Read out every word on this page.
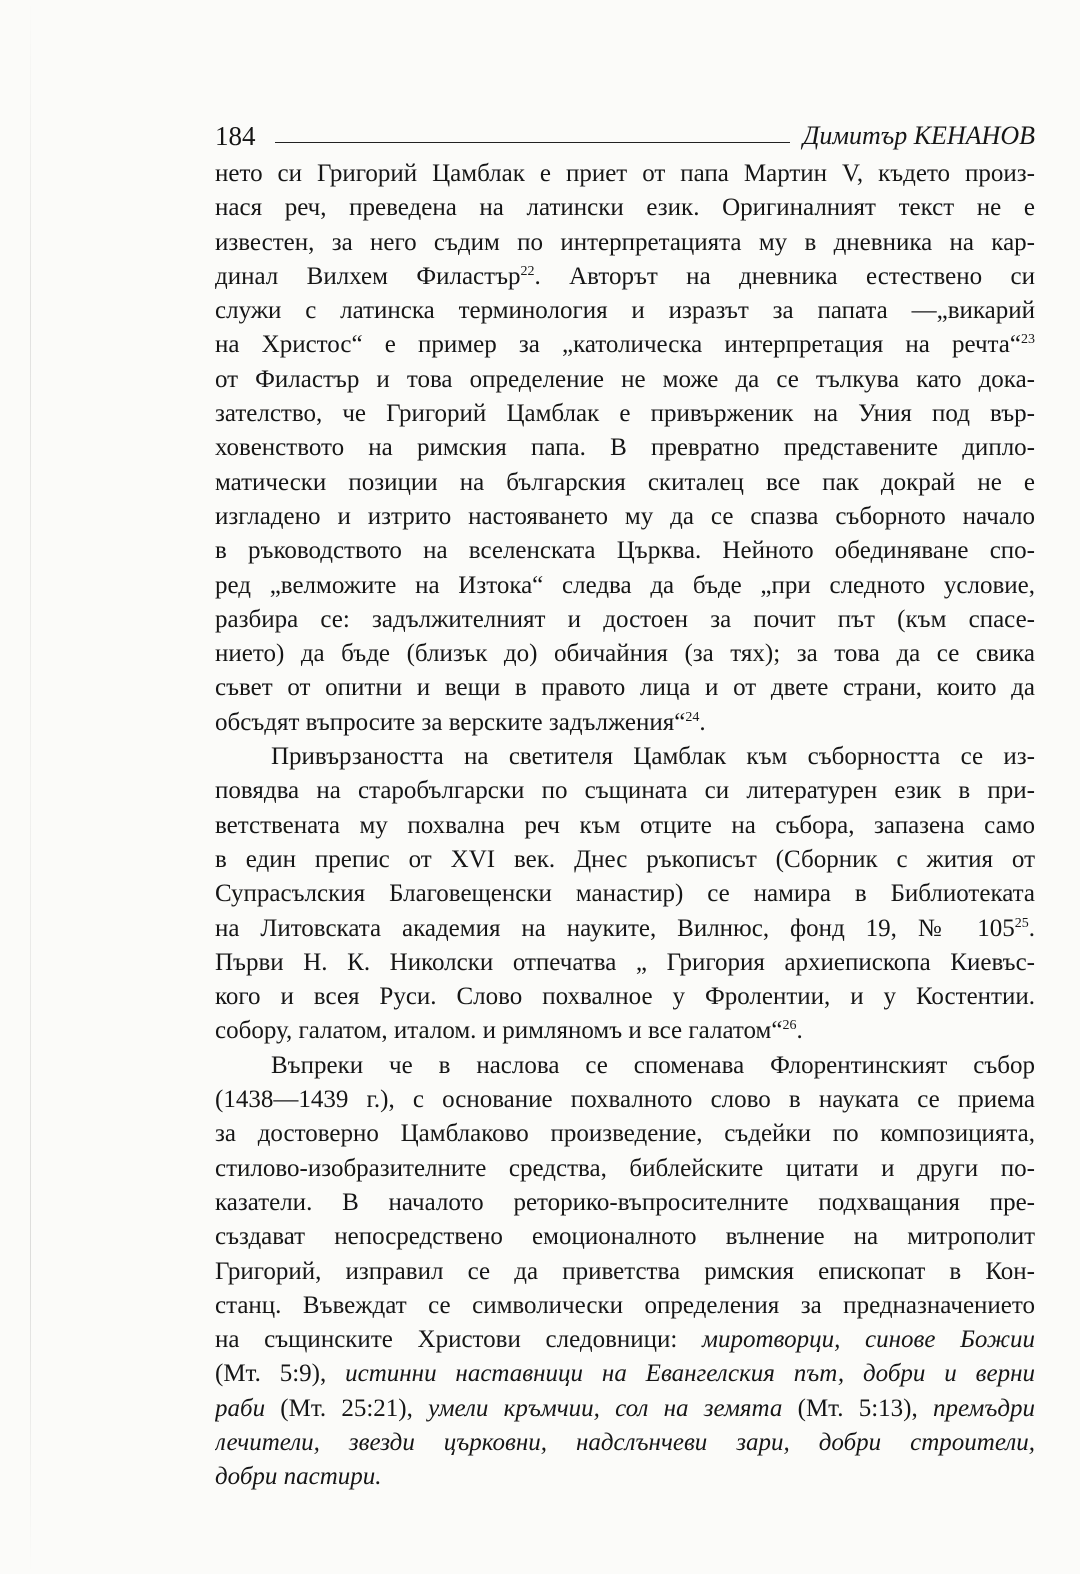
184	Димитър КЕНАНОВ
нето си Григорий Цамблак е приет от папа Мартин V, където произ-
нася реч, преведена на латински език. Оригиналният текст не е
известен, за него съдим по интерпретацията му в дневника на кар-
динал Вилхем Филастър$^{22}$. Авторът на дневника естествено си
служи с латинска терминология и изразът за папата —„викарий
на Христос“ е пример за „католическа интерпретация на речта“$^{23}$
от Филастър и това определение не може да се тълкува като дока-
зателство, че Григорий Цамблак е привърженик на Уния под вър-
ховенството на римския папа. В превратно представените дипло-
матически позиции на българския скиталец все пак докрай не е
изгладено и изтрито настояването му да се спазва съборното начало
в ръководството на вселенската Църква. Нейното обединяване спо-
ред „велможите на Изтока“ следва да бъде „при следното условие,
разбира се: задължителният и достоен за почит път (към спасе-
нието) да бъде (близък до) обичайния (за тях); за това да се свика
съвет от опитни и вещи в правото лица и от двете страни, които да
обсъдят въпросите за верските задължения“$^{24}$.
Привързаността на светителя Цамблак към съборността се из-
повядва на старобългарски по същината си литературен език в при-
ветствената му похвална реч към отците на събора, запазена само
в един препис от XVI век. Днес ръкописът (Сборник с жития от
Супрасълския Благовещенски манастир) се намира в Библиотеката
на Литовската академия на науките, Вилнюс, фонд 19, № $105^{25}$.
Първи Н. К. Николски отпечатва „ Григория архиепископа Киевъс-
кого и всея Руси. Слово похвалное у Фролентии, и у Костентии.
собору, галатом, италом. и римляномъ и все галатом“$^{26}$.
Въпреки че в наслова се споменава Флорентинският събор
(1438—1439 г.), с основание похвалното слово в науката се приема
за достоверно Цамблаково произведение, съдейки по композицията,
стилово-изобразителните средства, библейските цитати и други по-
казатели. В началото реторико-въпросителните подхващания пре-
създават непосредствено емоционалното вълнение на митрополит
Григорий, изправил се да приветства римския епископат в Кон-
станц. Въвеждат се символически определения за предназначението
на същинските Христови следовници: миротворци, синове Божии
(Мт. 5:9), истинни наставници на Евангелския път, добри и верни
раби (Мт. 25:21), умели кръмчии, сол на земята (Мт. 5:13), премъдри
лечители, звезди църковни, надслънчеви зари, добри строители,
добри пастири.
